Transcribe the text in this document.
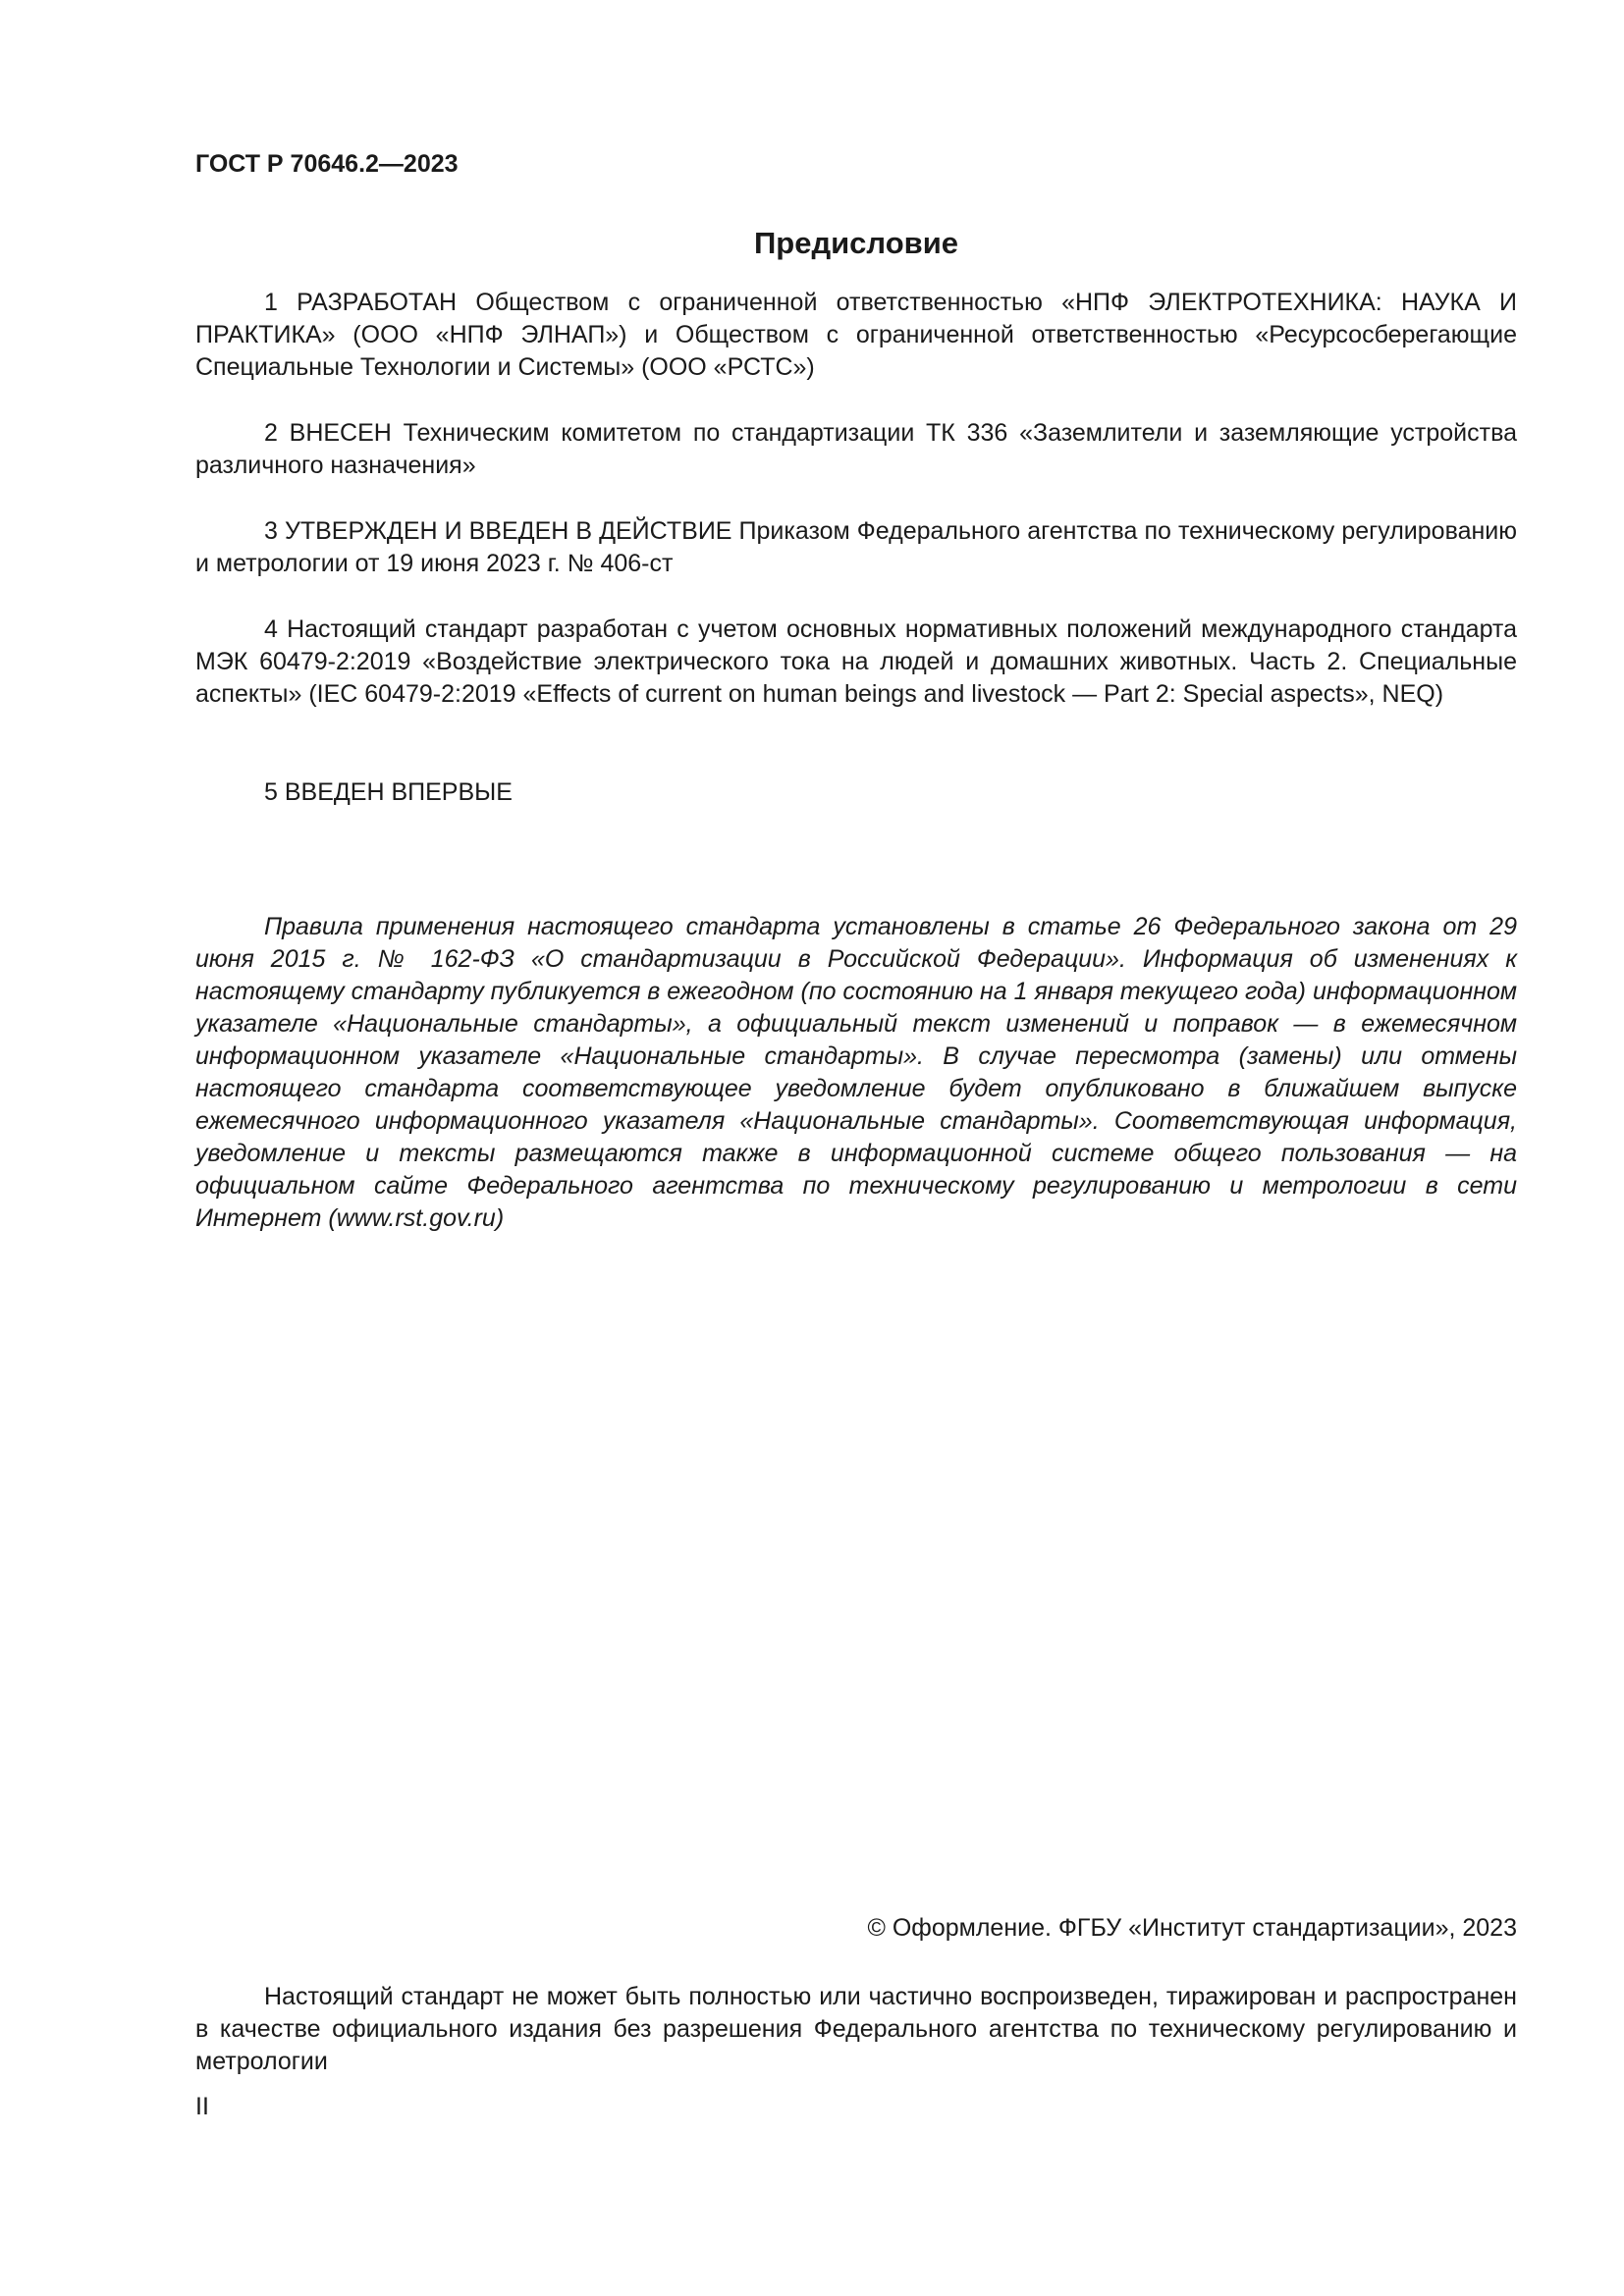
ГОСТ Р 70646.2—2023
Предисловие

1 РАЗРАБОТАН Обществом с ограниченной ответственностью «НПФ ЭЛЕКТРОТЕХНИКА: НАУКА И ПРАКТИКА» (ООО «НПФ ЭЛНАП») и Обществом с ограниченной ответственностью «Ресурсосберегающие Специальные Технологии и Системы» (ООО «РСТС»)

2 ВНЕСЕН Техническим комитетом по стандартизации ТК 336 «Заземлители и заземляющие устройства различного назначения»

3 УТВЕРЖДЕН И ВВЕДЕН В ДЕЙСТВИЕ Приказом Федерального агентства по техническому регулированию и метрологии от 19 июня 2023 г. № 406-ст

4 Настоящий стандарт разработан с учетом основных нормативных положений международного стандарта МЭК 60479-2:2019 «Воздействие электрического тока на людей и домашних животных. Часть 2. Специальные аспекты» (IEC 60479-2:2019 «Effects of current on human beings and livestock — Part 2: Special aspects», NEQ)

5 ВВЕДЕН ВПЕРВЫЕ

Правила применения настоящего стандарта установлены в статье 26 Федерального закона от 29 июня 2015 г. № 162-ФЗ «О стандартизации в Российской Федерации». Информация об изменениях к настоящему стандарту публикуется в ежегодном (по состоянию на 1 января текущего года) информационном указателе «Национальные стандарты», а официальный текст изменений и поправок — в ежемесячном информационном указателе «Национальные стандарты». В случае пересмотра (замены) или отмены настоящего стандарта соответствующее уведомление будет опубликовано в ближайшем выпуске ежемесячного информационного указателя «Национальные стандарты». Соответствующая информация, уведомление и тексты размещаются также в информационной системе общего пользования — на официальном сайте Федерального агентства по техническому регулированию и метрологии в сети Интернет (www.rst.gov.ru)

© Оформление. ФГБУ «Институт стандартизации», 2023

Настоящий стандарт не может быть полностью или частично воспроизведен, тиражирован и распространен в качестве официального издания без разрешения Федерального агентства по техническому регулированию и метрологии

II
